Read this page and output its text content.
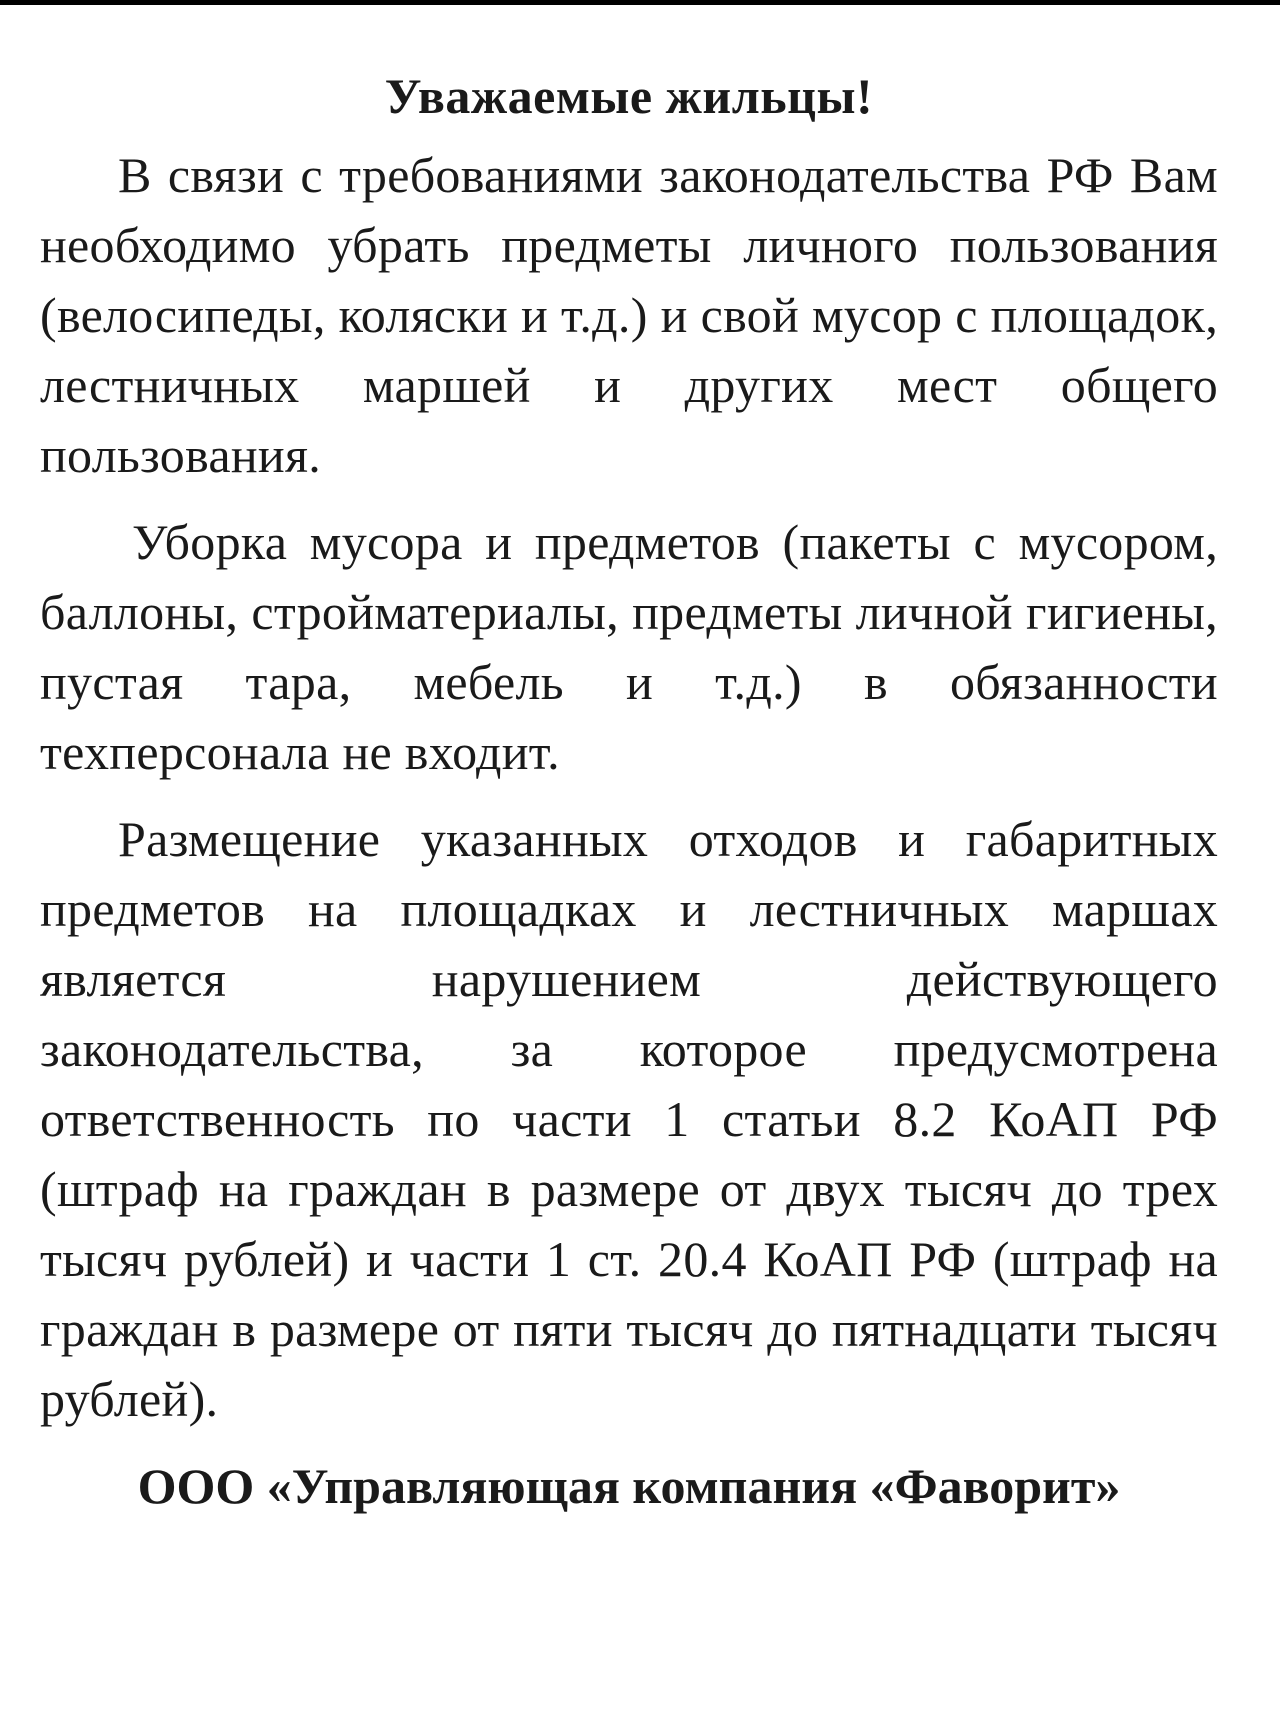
Уважаемые жильцы!

В связи с требованиями законодательства РФ Вам необходимо убрать предметы личного пользования (велосипеды, коляски и т.д.) и свой мусор с площадок, лестничных маршей и других мест общего пользования.

Уборка мусора и предметов (пакеты с мусором, баллоны, стройматериалы, предметы личной гигиены, пустая тара, мебель и т.д.) в обязанности техперсонала не входит.

Размещение указанных отходов и габаритных предметов на площадках и лестничных маршах является нарушением действующего законодательства, за которое предусмотрена ответственность по части 1 статьи 8.2 КоАП РФ (штраф на граждан в размере от двух тысяч до трех тысяч рублей) и части 1 ст. 20.4 КоАП РФ (штраф на граждан в размере от пяти тысяч до пятнадцати тысяч рублей).

ООО «Управляющая компания «Фаворит»
